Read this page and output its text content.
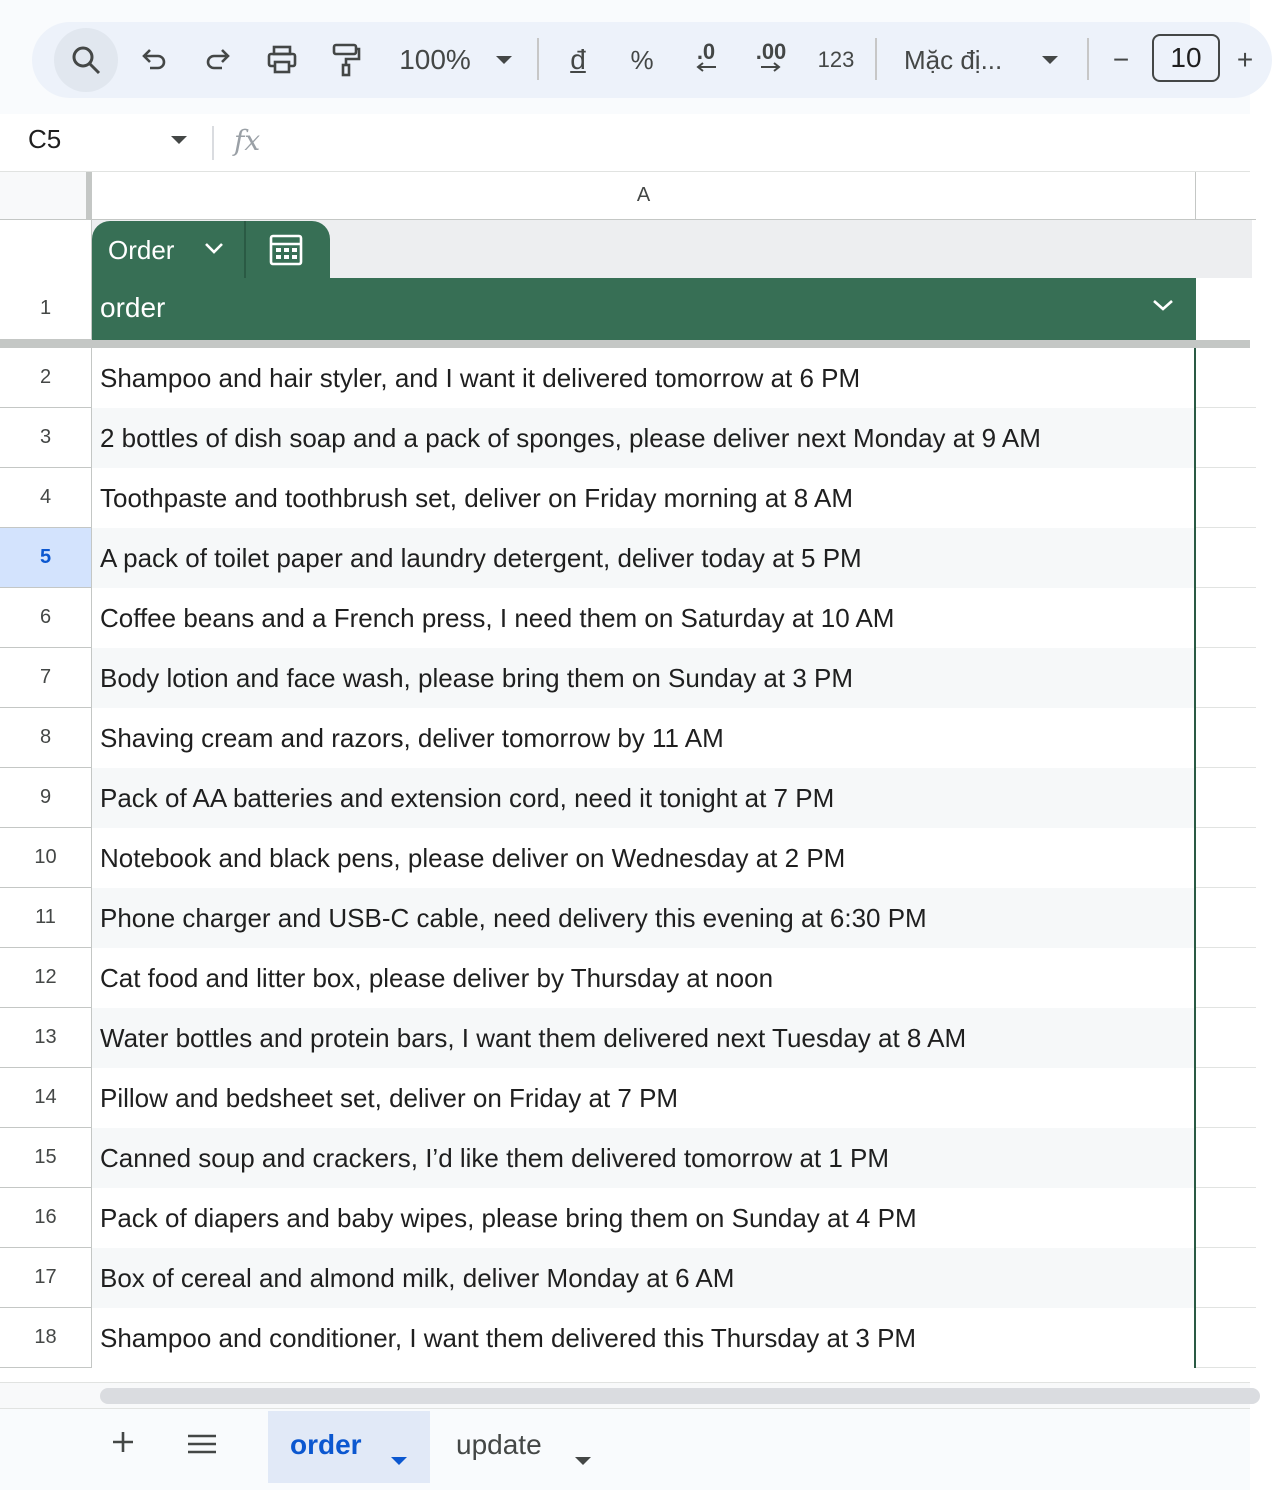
100%	đ % .0 .00 123 Mặc đị...	− 10 +
C5	fx
A
Order
1	order
2	Shampoo and hair styler, and I want it delivered tomorrow at 6 PM
3	2 bottles of dish soap and a pack of sponges, please deliver next Monday at 9 AM
4	Toothpaste and toothbrush set, deliver on Friday morning at 8 AM
5	A pack of toilet paper and laundry detergent, deliver today at 5 PM
6	Coffee beans and a French press, I need them on Saturday at 10 AM
7	Body lotion and face wash, please bring them on Sunday at 3 PM
8	Shaving cream and razors, deliver tomorrow by 11 AM
9	Pack of AA batteries and extension cord, need it tonight at 7 PM
10	Notebook and black pens, please deliver on Wednesday at 2 PM
11	Phone charger and USB-C cable, need delivery this evening at 6:30 PM
12	Cat food and litter box, please deliver by Thursday at noon
13	Water bottles and protein bars, I want them delivered next Tuesday at 8 AM
14	Pillow and bedsheet set, deliver on Friday at 7 PM
15	Canned soup and crackers, I’d like them delivered tomorrow at 1 PM
16	Pack of diapers and baby wipes, please bring them on Sunday at 4 PM
17	Box of cereal and almond milk, deliver Monday at 6 AM
18	Shampoo and conditioner, I want them delivered this Thursday at 3 PM
order	update
